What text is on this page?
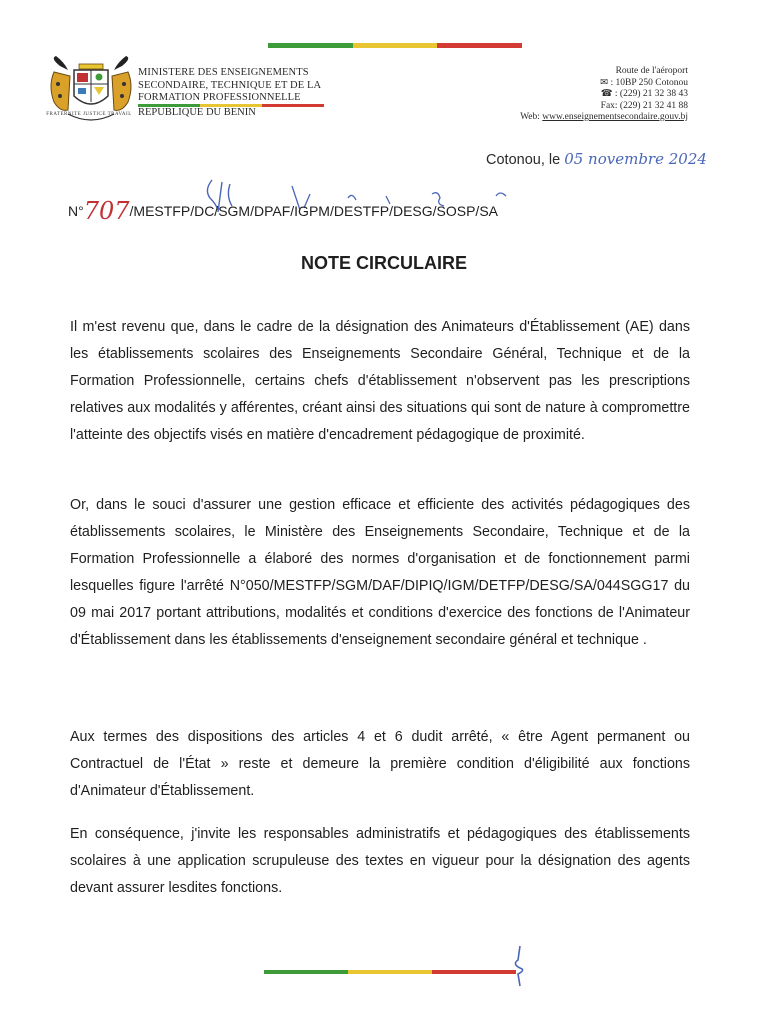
FRATERNITE JUSTICE TRAVAIL
MINISTERE DES ENSEIGNEMENTS
SECONDAIRE, TECHNIQUE ET DE LA
FORMATION PROFESSIONNELLE
REPUBLIQUE DU BENIN
Route de l'aéroport
✉ : 10BP 250 Cotonou
☎ : (229) 21 32 38 43
Fax: (229) 21 32 41 88
Web: www.enseignementsecondaire.gouv.bj
Cotonou, le 05 novembre 2024
N°707/MESTFP/DC/SGM/DPAF/IGPM/DESTFP/DESG/SOSP/SA
NOTE CIRCULAIRE

Il m'est revenu que, dans le cadre de la désignation des Animateurs d'Établissement (AE) dans les établissements scolaires des Enseignements Secondaire Général, Technique et de la Formation Professionnelle, certains chefs d'établissement n'observent pas les prescriptions relatives aux modalités y afférentes, créant ainsi des situations qui sont de nature à compromettre l'atteinte des objectifs visés en matière d'encadrement pédagogique de proximité.

Or, dans le souci d'assurer une gestion efficace et efficiente des activités pédagogiques des établissements scolaires, le Ministère des Enseignements Secondaire, Technique et de la Formation Professionnelle a élaboré des normes d'organisation et de fonctionnement parmi lesquelles figure l'arrêté N°050/MESTFP/SGM/DAF/DIPIQ/IGM/DETFP/DESG/SA/044SGG17 du 09 mai 2017 portant attributions, modalités et conditions d'exercice des fonctions de l'Animateur d'Établissement dans les établissements d'enseignement secondaire général et technique .

Aux termes des dispositions des articles 4 et 6 dudit arrêté, « être Agent permanent ou Contractuel de l'État » reste et demeure la première condition d'éligibilité aux fonctions d'Animateur d'Établissement.

En conséquence, j'invite les responsables administratifs et pédagogiques des établissements scolaires à une application scrupuleuse des textes en vigueur pour la désignation des agents devant assurer lesdites fonctions.
